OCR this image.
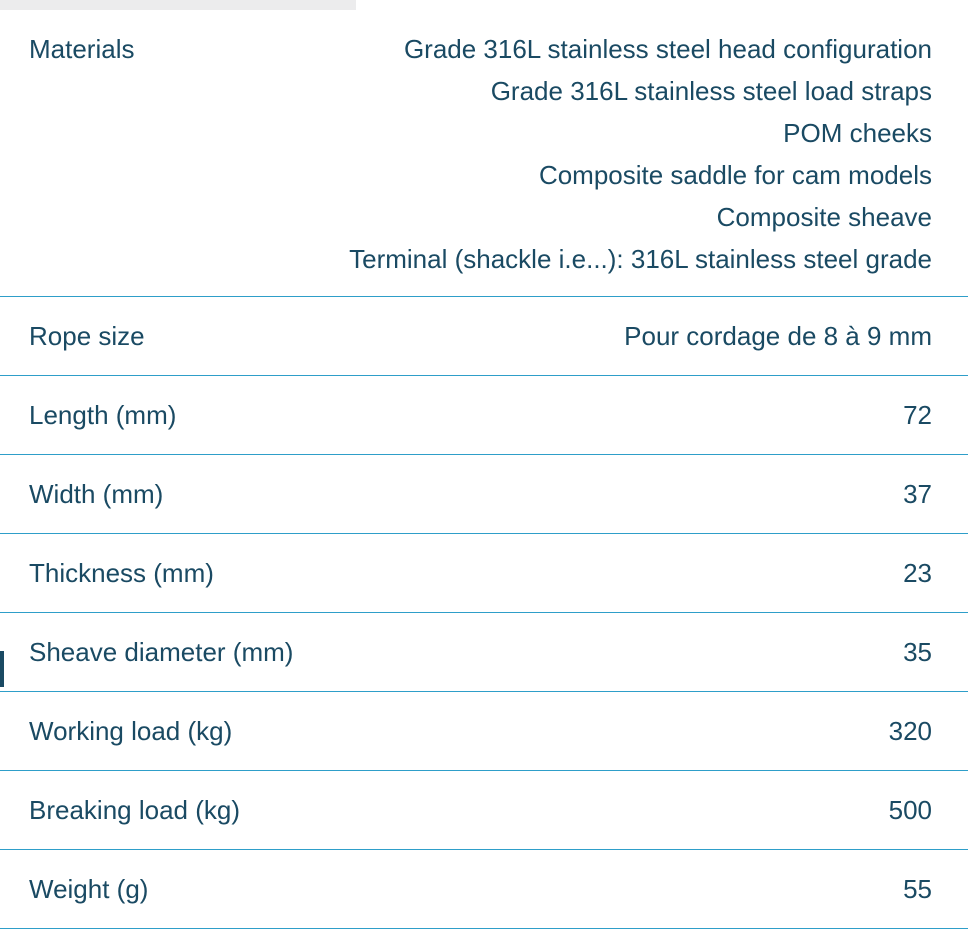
Materials	Grade 316L stainless steel head configuration
Grade 316L stainless steel load straps
POM cheeks
Composite saddle for cam models
Composite sheave
Terminal (shackle i.e...): 316L stainless steel grade

Rope size	Pour cordage de 8 à 9 mm
Length (mm)	72
Width (mm)	37
Thickness (mm)	23
Sheave diameter (mm)	35
Working load (kg)	320
Breaking load (kg)	500
Weight (g)	55
